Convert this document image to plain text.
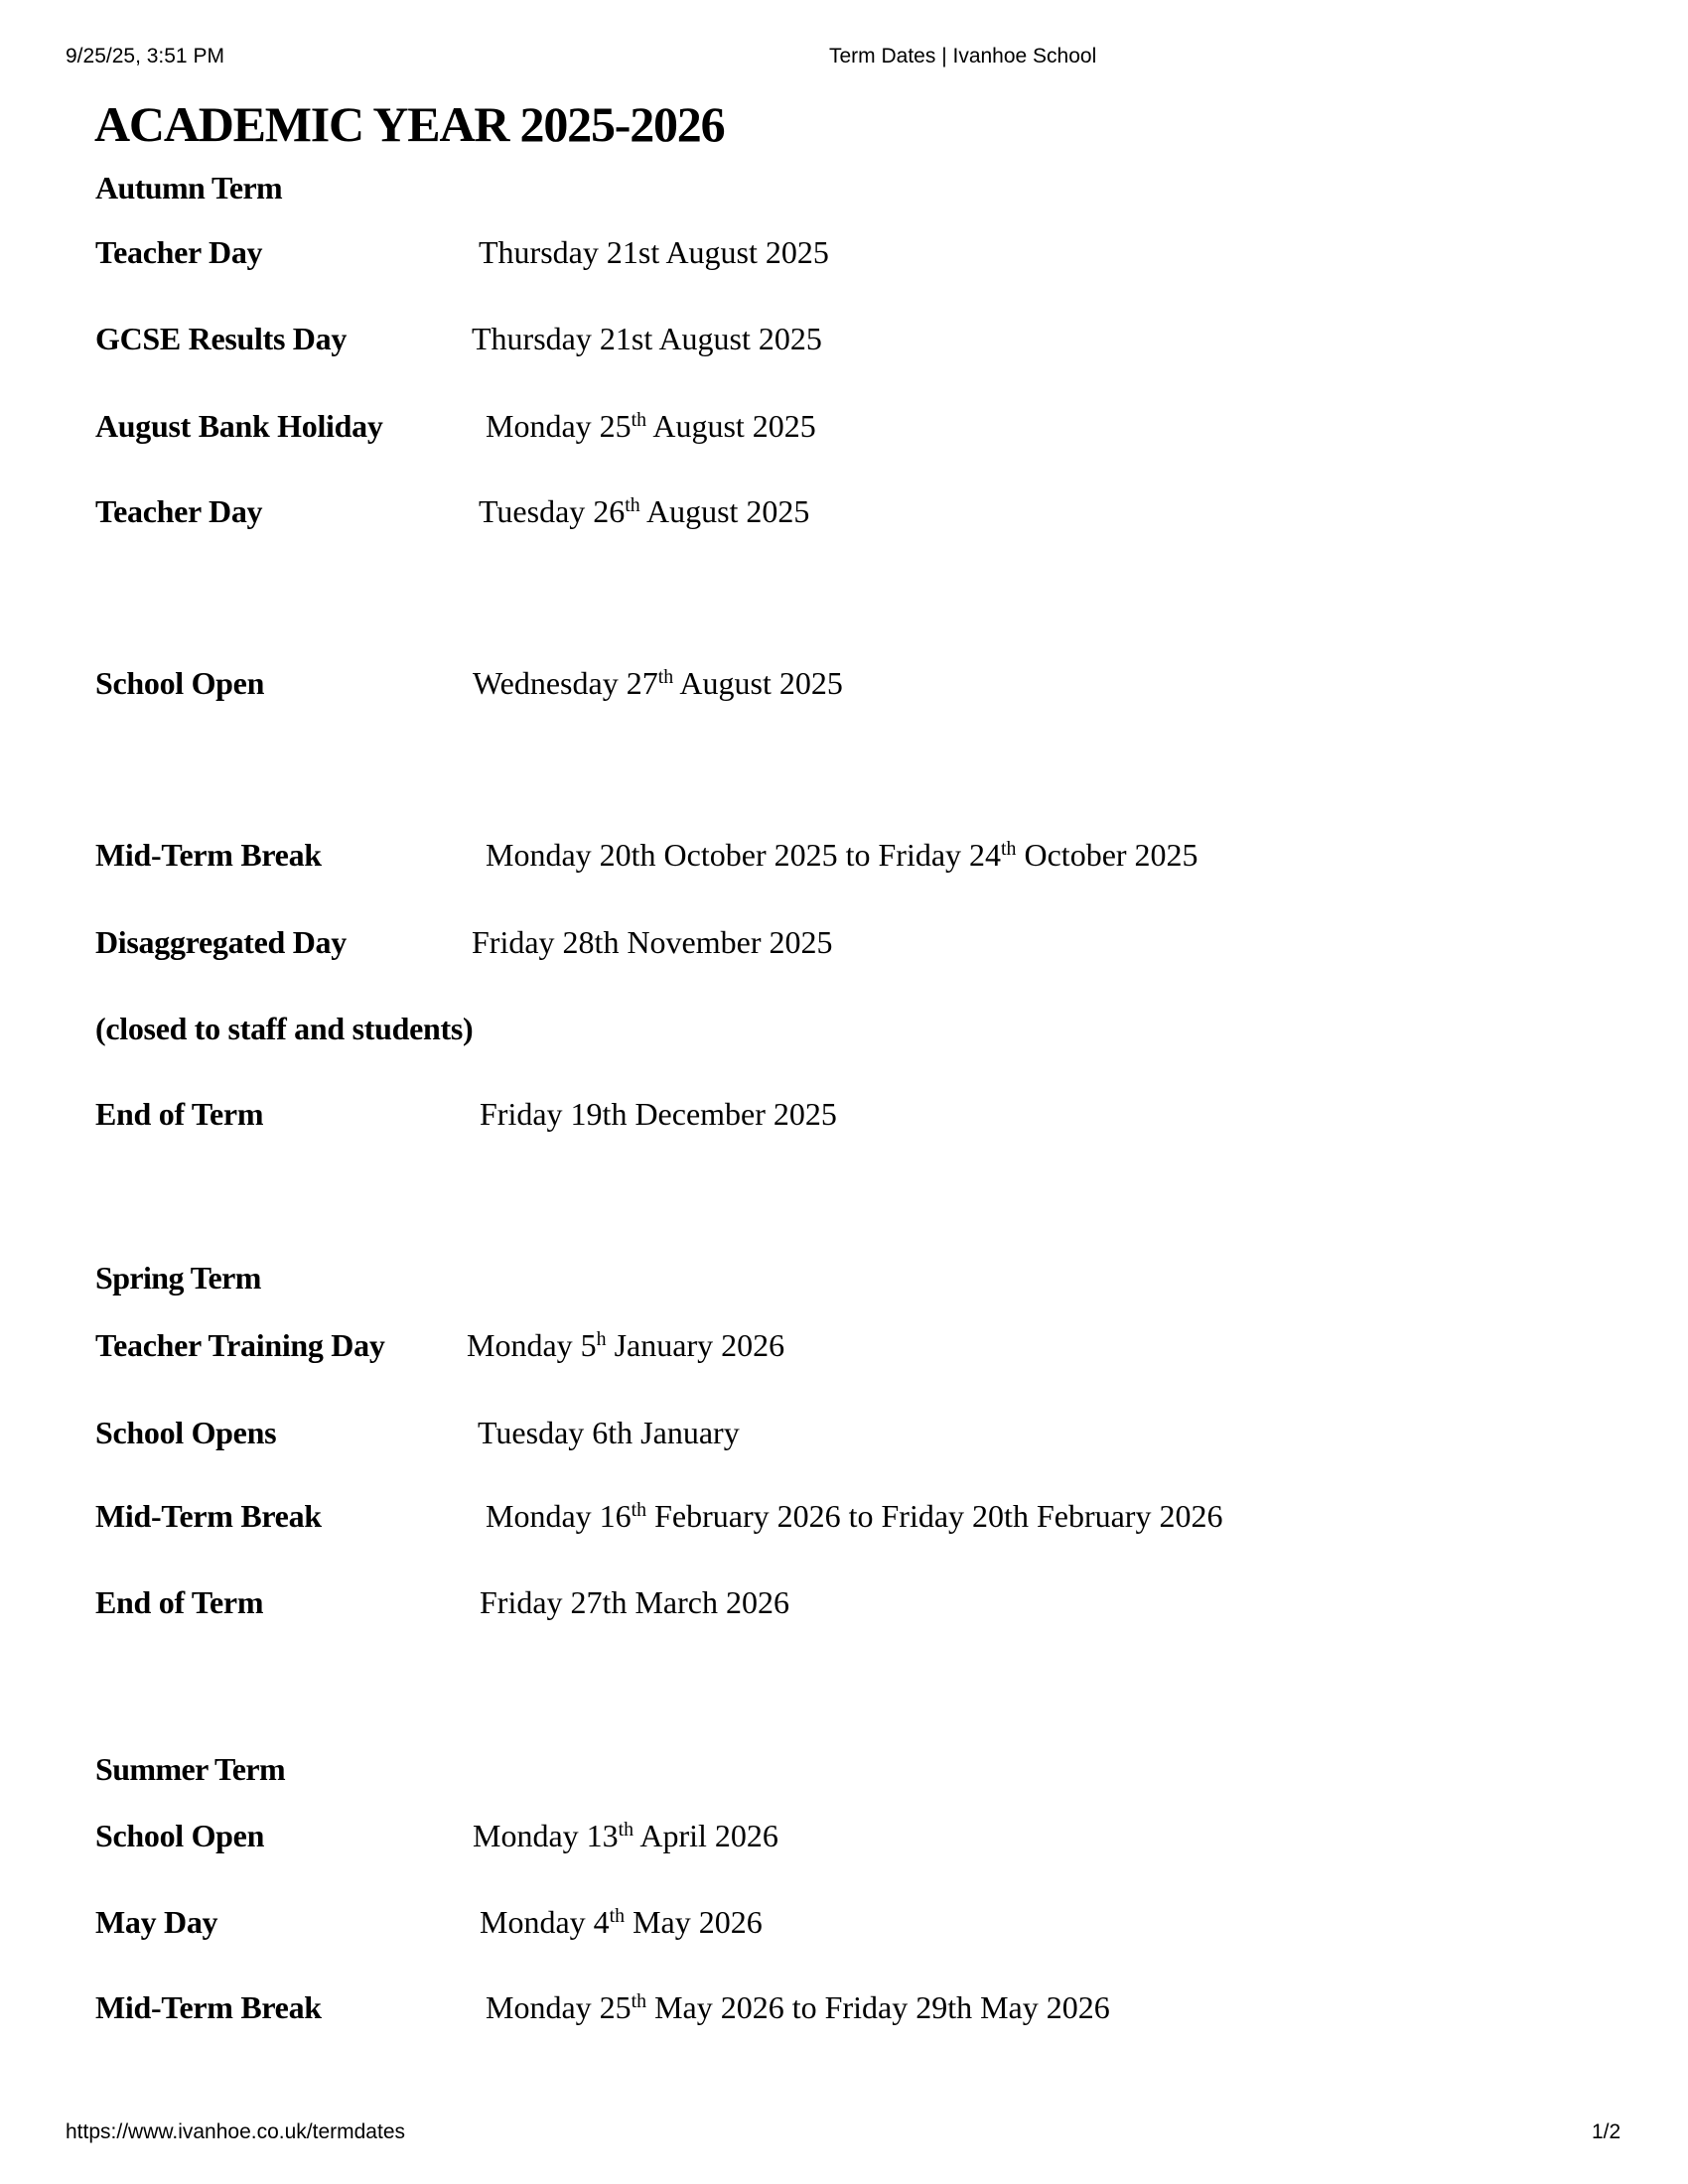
9/25/25, 3:51 PM	Term Dates | Ivanhoe School
ACADEMIC YEAR 2025-2026
Autumn Term
Teacher Day	Thursday 21st August 2025
GCSE Results Day	Thursday 21st August 2025
August Bank Holiday	Monday 25th August 2025
Teacher Day	Tuesday 26th August 2025
School Open	Wednesday 27th August 2025
Mid-Term Break	Monday 20th October 2025 to Friday 24th October 2025
Disaggregated Day	Friday 28th November 2025
(closed to staff and students)
End of Term	Friday 19th December 2025
Spring Term
Teacher Training Day	Monday 5$^h$ January 2026
School Opens	Tuesday 6th January
Mid-Term Break	Monday 16th February 2026 to Friday 20th February 2026
End of Term	Friday 27th March 2026
Summer Term
School Open	Monday 13th April 2026
May Day	Monday 4th May 2026
Mid-Term Break	Monday 25th May 2026 to Friday 29th May 2026
https://www.ivanhoe.co.uk/termdates	1/2
